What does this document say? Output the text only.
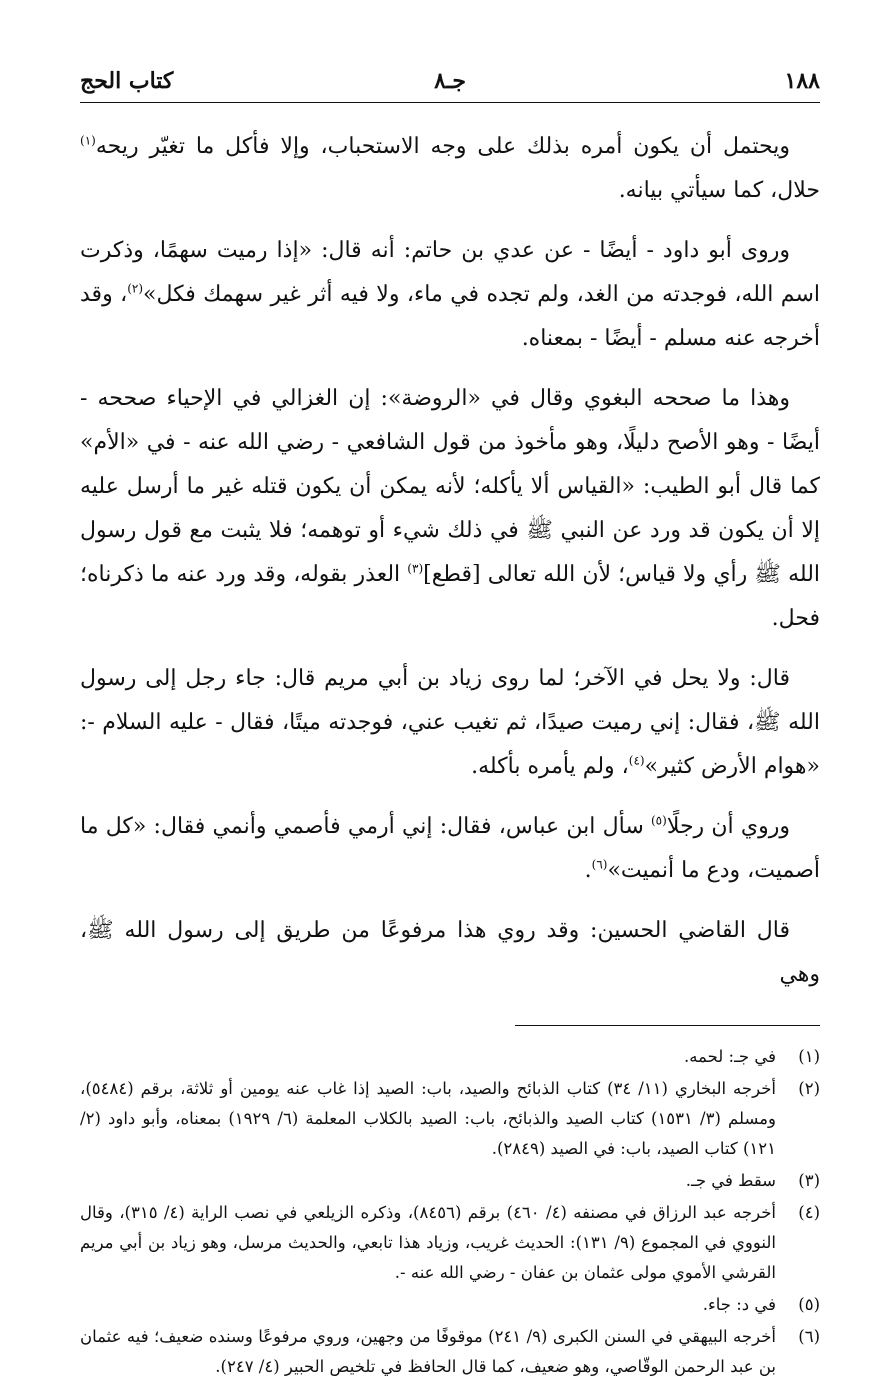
١٨٨
جـ٨
كتاب الحج

ويحتمل أن يكون أمره بذلك على وجه الاستحباب، وإلا فأكل ما تغيّر ريحه$^{(١)}$ حلال، كما سيأتي بيانه.

وروى أبو داود - أيضًا - عن عدي بن حاتم: أنه قال: «إذا رميت سهمًا، وذكرت اسم الله، فوجدته من الغد، ولم تجده في ماء، ولا فيه أثر غير سهمك فكل»$^{(٢)}$، وقد أخرجه عنه مسلم - أيضًا - بمعناه.

وهذا ما صححه البغوي وقال في «الروضة»: إن الغزالي في الإحياء صححه - أيضًا - وهو الأصح دليلًا، وهو مأخوذ من قول الشافعي - رضي الله عنه - في «الأم» كما قال أبو الطيب: «القياس ألا يأكله؛ لأنه يمكن أن يكون قتله غير ما أرسل عليه إلا أن يكون قد ورد عن النبي ﷺ في ذلك شيء أو توهمه؛ فلا يثبت مع قول رسول الله ﷺ رأي ولا قياس؛ لأن الله تعالى [قطع]$^{(٣)}$ العذر بقوله، وقد ورد عنه ما ذكرناه؛ فحل.

قال: ولا يحل في الآخر؛ لما روى زياد بن أبي مريم قال: جاء رجل إلى رسول الله ﷺ، فقال: إني رميت صيدًا، ثم تغيب عني، فوجدته ميتًا، فقال - عليه السلام -: «هوام الأرض كثير»$^{(٤)}$، ولم يأمره بأكله.

وروي أن رجلًا$^{(٥)}$ سأل ابن عباس، فقال: إني أرمي فأصمي وأنمي فقال: «كل ما أصميت، ودع ما أنميت»$^{(٦)}$.

قال القاضي الحسين: وقد روي هذا مرفوعًا من طريق إلى رسول الله ﷺ، وهي

(١)
في جـ: لحمه.
(٢)
أخرجه البخاري (١١/ ٣٤) كتاب الذبائح والصيد، باب: الصيد إذا غاب عنه يومين أو ثلاثة، برقم (٥٤٨٤)، ومسلم (٣/ ١٥٣١) كتاب الصيد والذبائح، باب: الصيد بالكلاب المعلمة (٦/ ١٩٢٩) بمعناه، وأبو داود (٢/ ١٢١) كتاب الصيد، باب: في الصيد (٢٨٤٩).
(٣)
سقط في جـ.
(٤)
أخرجه عبد الرزاق في مصنفه (٤/ ٤٦٠) برقم (٨٤٥٦)، وذكره الزيلعي في نصب الراية (٤/ ٣١٥)، وقال النووي في المجموع (٩/ ١٣١): الحديث غريب، وزياد هذا تابعي، والحديث مرسل، وهو زياد بن أبي مريم القرشي الأموي مولى عثمان بن عفان - رضي الله عنه -.
(٥)
في د: جاء.
(٦)
أخرجه البيهقي في السنن الكبرى (٩/ ٢٤١) موقوفًا من وجهين، وروي مرفوعًا وسنده ضعيف؛ فيه عثمان بن عبد الرحمن الوقّاصي، وهو ضعيف، كما قال الحافظ في تلخيص الحبير (٤/ ٢٤٧).
